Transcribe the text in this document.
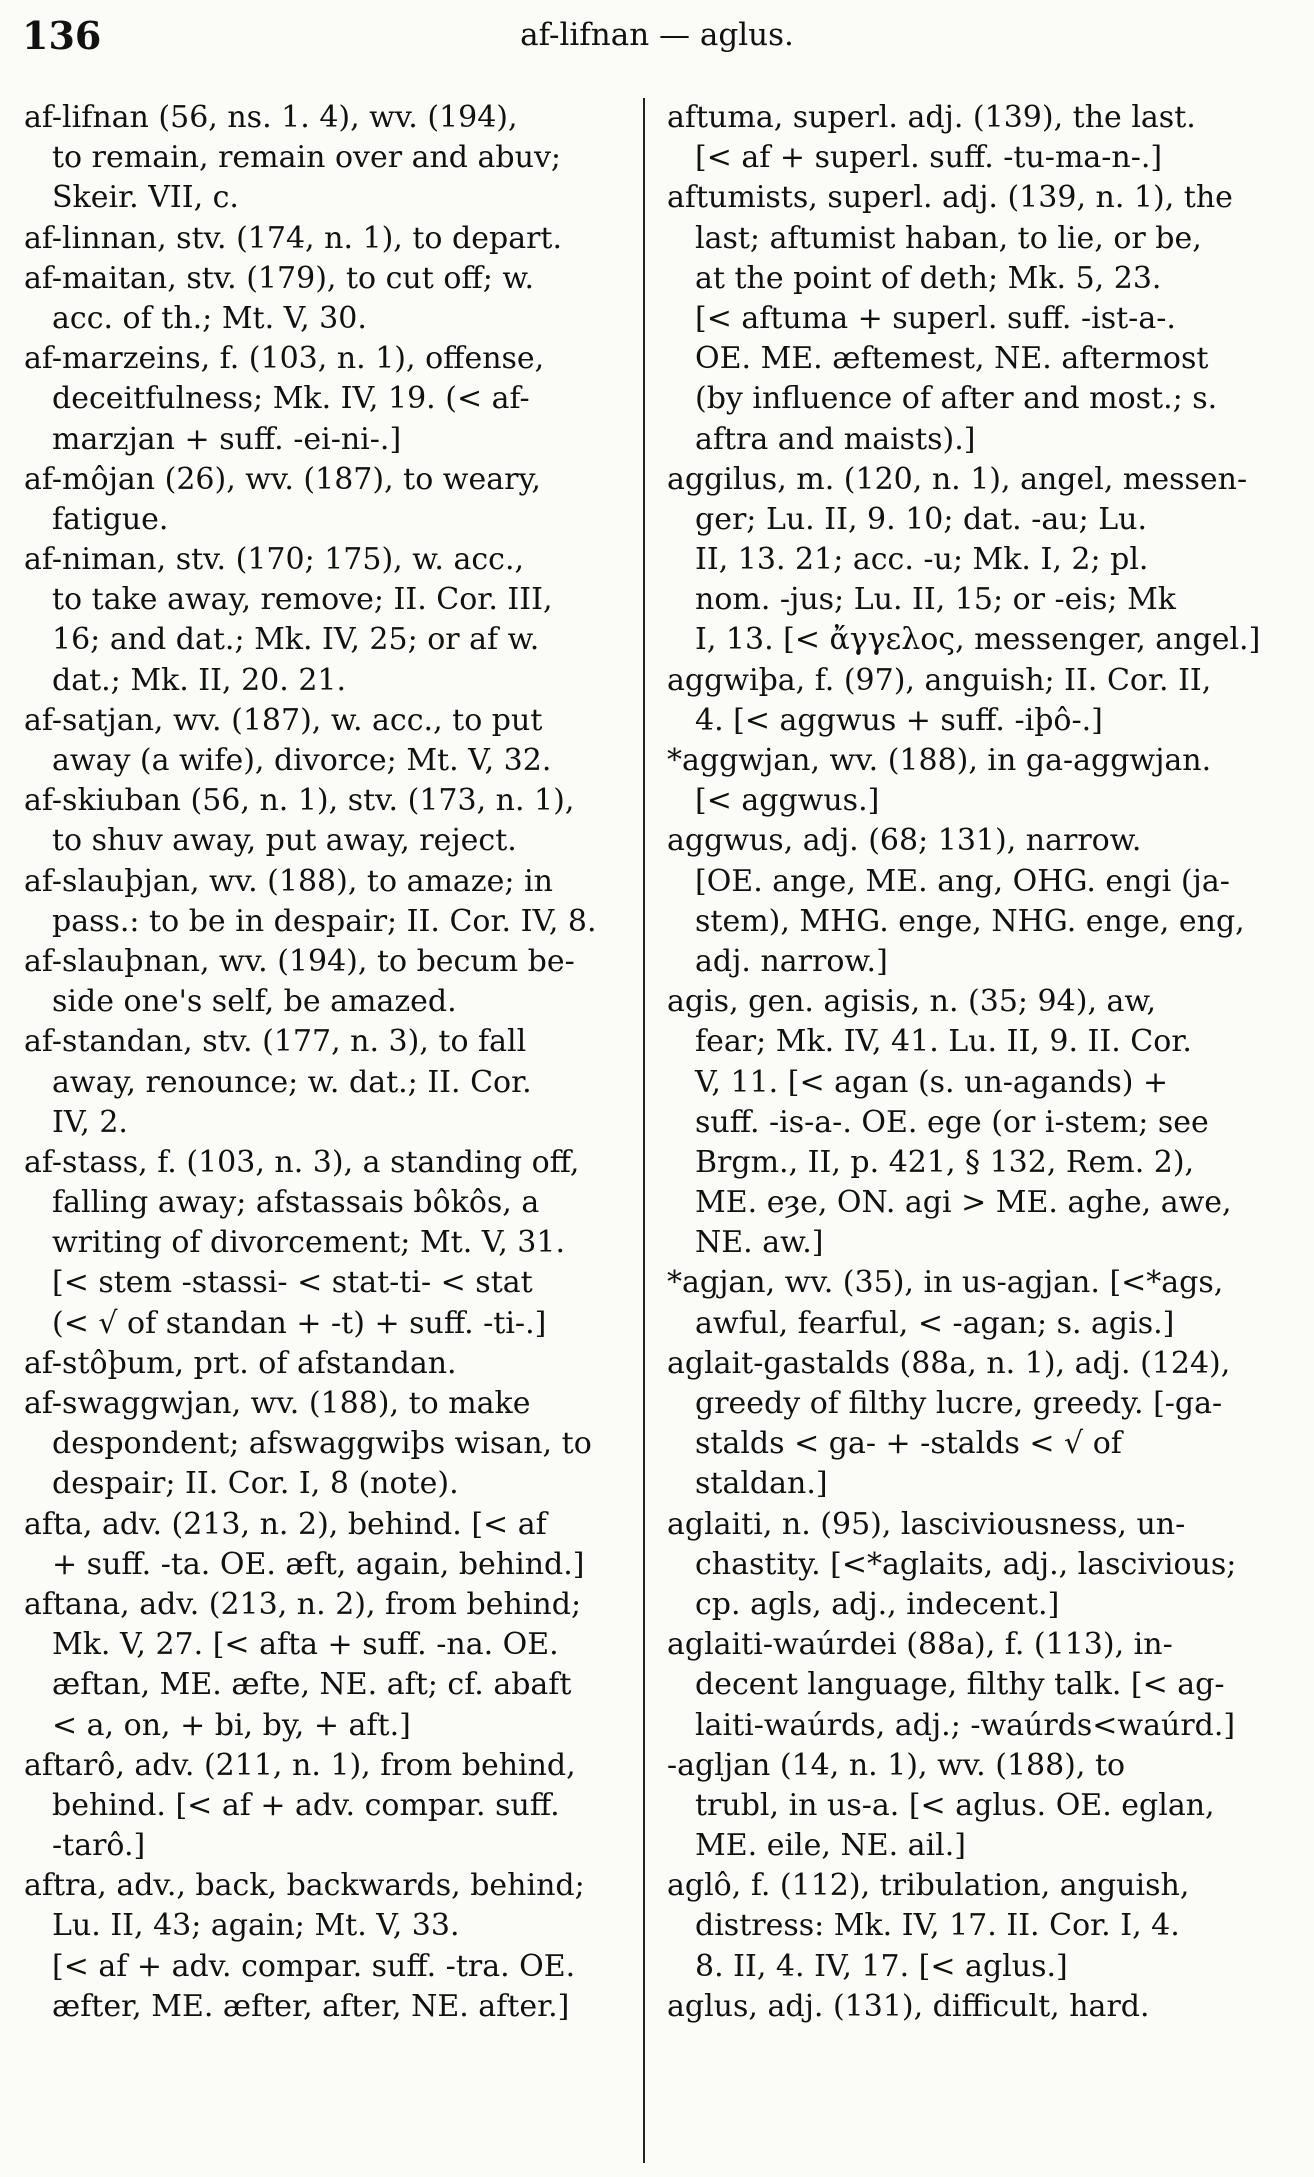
136	af-lifnan — aglus.
af-lifnan (56, ns. 1. 4), wv. (194),
to remain, remain over and abuv;
Skeir. VII, c.
af-linnan, stv. (174, n. 1), to depart.
af-maitan, stv. (179), to cut off; w.
acc. of th.; Mt. V, 30.
af-marzeins, f. (103, n. 1), offense,
deceitfulness; Mk. IV, 19. (< af-
marzjan + suff. -ei-ni-.]
af-môjan (26), wv. (187), to weary,
fatigue.
af-niman, stv. (170; 175), w. acc.,
to take away, remove; II. Cor. III,
16; and dat.; Mk. IV, 25; or af w.
dat.; Mk. II, 20. 21.
af-satjan, wv. (187), w. acc., to put
away (a wife), divorce; Mt. V, 32.
af-skiuban (56, n. 1), stv. (173, n. 1),
to shuv away, put away, reject.
af-slauþjan, wv. (188), to amaze; in
pass.: to be in despair; II. Cor. IV, 8.
af-slauþnan, wv. (194), to becum be-
side one's self, be amazed.
af-standan, stv. (177, n. 3), to fall
away, renounce; w. dat.; II. Cor.
IV, 2.
af-stass, f. (103, n. 3), a standing off,
falling away; afstassais bôkôs, a
writing of divorcement; Mt. V, 31.
[< stem -stassi- < stat-ti- < stat
(< √ of standan + -t) + suff. -ti-.]
af-stôþum, prt. of afstandan.
af-swaggwjan, wv. (188), to make
despondent; afswaggwiþs wisan, to
despair; II. Cor. I, 8 (note).
afta, adv. (213, n. 2), behind. [< af
+ suff. -ta. OE. æft, again, behind.]
aftana, adv. (213, n. 2), from behind;
Mk. V, 27. [< afta + suff. -na. OE.
æftan, ME. æfte, NE. aft; cf. abaft
< a, on, + bi, by, + aft.]
aftarô, adv. (211, n. 1), from behind,
behind. [< af + adv. compar. suff.
-tarô.]
aftra, adv., back, backwards, behind;
Lu. II, 43; again; Mt. V, 33.
[< af + adv. compar. suff. -tra. OE.
æfter, ME. æfter, after, NE. after.]
aftuma, superl. adj. (139), the last.
[< af + superl. suff. -tu-ma-n-.]
aftumists, superl. adj. (139, n. 1), the
last; aftumist haban, to lie, or be,
at the point of deth; Mk. 5, 23.
[< aftuma + superl. suff. -ist-a-.
OE. ME. æftemest, NE. aftermost
(by influence of after and most.; s.
aftra and maists).]
aggilus, m. (120, n. 1), angel, messen-
ger; Lu. II, 9. 10; dat. -au; Lu.
II, 13. 21; acc. -u; Mk. I, 2; pl.
nom. -jus; Lu. II, 15; or -eis; Mk
I, 13. [< ἄγγελος, messenger, angel.]
aggwiþa, f. (97), anguish; II. Cor. II,
4. [< aggwus + suff. -iþô-.]
*aggwjan, wv. (188), in ga-aggwjan.
[< aggwus.]
aggwus, adj. (68; 131), narrow.
[OE. ange, ME. ang, OHG. engi (ja-
stem), MHG. enge, NHG. enge, eng,
adj. narrow.]
agis, gen. agisis, n. (35; 94), aw,
fear; Mk. IV, 41. Lu. II, 9. II. Cor.
V, 11. [< agan (s. un-agands) +
suff. -is-a-. OE. ege (or i-stem; see
Brgm., II, p. 421, § 132, Rem. 2),
ME. eȝe, ON. agi > ME. aghe, awe,
NE. aw.]
*agjan, wv. (35), in us-agjan. [<*ags,
awful, fearful, < -agan; s. agis.]
aglait-gastalds (88a, n. 1), adj. (124),
greedy of filthy lucre, greedy. [-ga-
stalds < ga- + -stalds < √ of
staldan.]
aglaiti, n. (95), lasciviousness, un-
chastity. [<*aglaits, adj., lascivious;
cp. agls, adj., indecent.]
aglaiti-waúrdei (88a), f. (113), in-
decent language, filthy talk. [< ag-
laiti-waúrds, adj.; -waúrds<waúrd.]
-agljan (14, n. 1), wv. (188), to
trubl, in us-a. [< aglus. OE. eglan,
ME. eile, NE. ail.]
aglô, f. (112), tribulation, anguish,
distress: Mk. IV, 17. II. Cor. I, 4.
8. II, 4. IV, 17. [< aglus.]
aglus, adj. (131), difficult, hard.
